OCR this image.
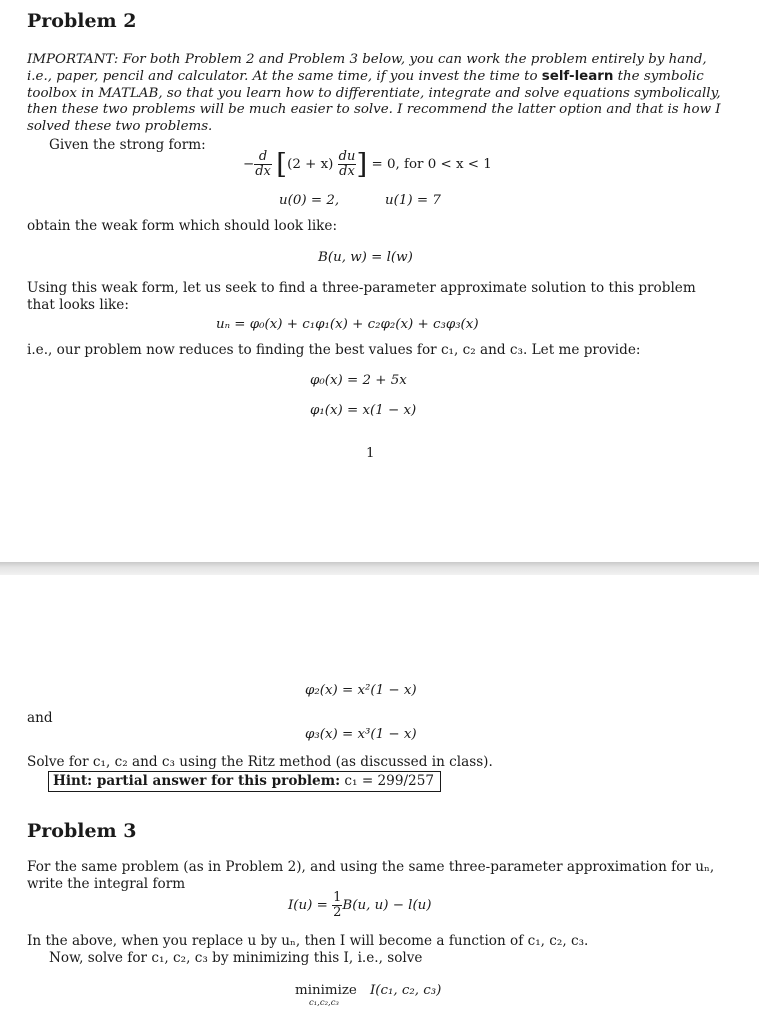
Problem 2
IMPORTANT: For both Problem 2 and Problem 3 below, you can work the problem entirely by hand, i.e., paper, pencil and calculator. At the same time, if you invest the time to self-learn the symbolic toolbox in MATLAB, so that you learn how to differentiate, integrate and solve equations symbolically, then these two problems will be much easier to solve. I recommend the latter option and that is how I solved these two problems.
Given the strong form:
− $\frac{d}{dx} [(2 + x) \frac{du}{dx}$ ] = 0, for 0 < x < 1
u(0) = 2,	u(1) = 7
obtain the weak form which should look like:
B(u, w) = l(w)
Using this weak form, let us seek to find a three-parameter approximate solution to this problem that looks like:
uₙ = φ₀(x) + c₁φ₁(x) + c₂φ₂(x) + c₃φ₃(x)
i.e., our problem now reduces to finding the best values for c₁, c₂ and c₃. Let me provide:
φ₀(x) = 2 + 5x
φ₁(x) = x(1 − x)
1
φ₂(x) = x²(1 − x)
and
φ₃(x) = x³(1 − x)
Solve for c₁, c₂ and c₃ using the Ritz method (as discussed in class).
Hint: partial answer for this problem: c₁ = 299/257
Problem 3
For the same problem (as in Problem 2), and using the same three-parameter approximation for uₙ, write the integral form
$I(u) = \frac{1}{2} B(u$, u) − l(u)
In the above, when you replace u by uₙ, then I will become a function of c₁, c₂, c₃.
Now, solve for c₁, c₂, c₃ by minimizing this I, i.e., solve
minimize
c₁,c₂,c₃
I(c₁, c₂, c₃)
